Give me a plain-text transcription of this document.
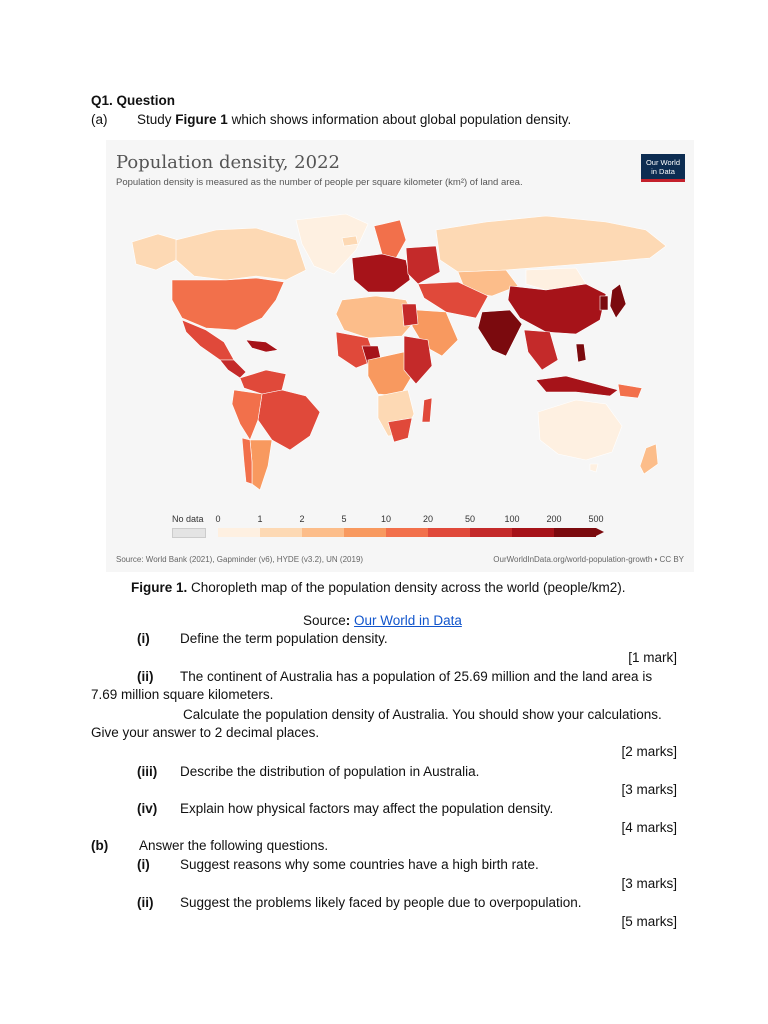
Q1. Question
(a) Study Figure 1 which shows information about global population density.
Population density, 2022
Population density is measured as the number of people per square kilometer (km²) of land area.
Our World
in Data
No data 0	1	2	5	10	20	50	100	200	500
Source: World Bank (2021), Gapminder (v6), HYDE (v3.2), UN (2019)	OurWorldInData.org/world-population-growth • CC BY
Figure 1. Choropleth map of the population density across the world (people/km2).
Source: Our World in Data
(i) Define the term population density.
[1 mark]
(ii) The continent of Australia has a population of 25.69 million and the land area is
7.69 million square kilometers.
Calculate the population density of Australia. You should show your calculations.
Give your answer to 2 decimal places.
[2 marks]
(iii) Describe the distribution of population in Australia.
[3 marks]
(iv) Explain how physical factors may affect the population density.
[4 marks]
(b) Answer the following questions.
(i) Suggest reasons why some countries have a high birth rate.
[3 marks]
(ii) Suggest the problems likely faced by people due to overpopulation.
[5 marks]
